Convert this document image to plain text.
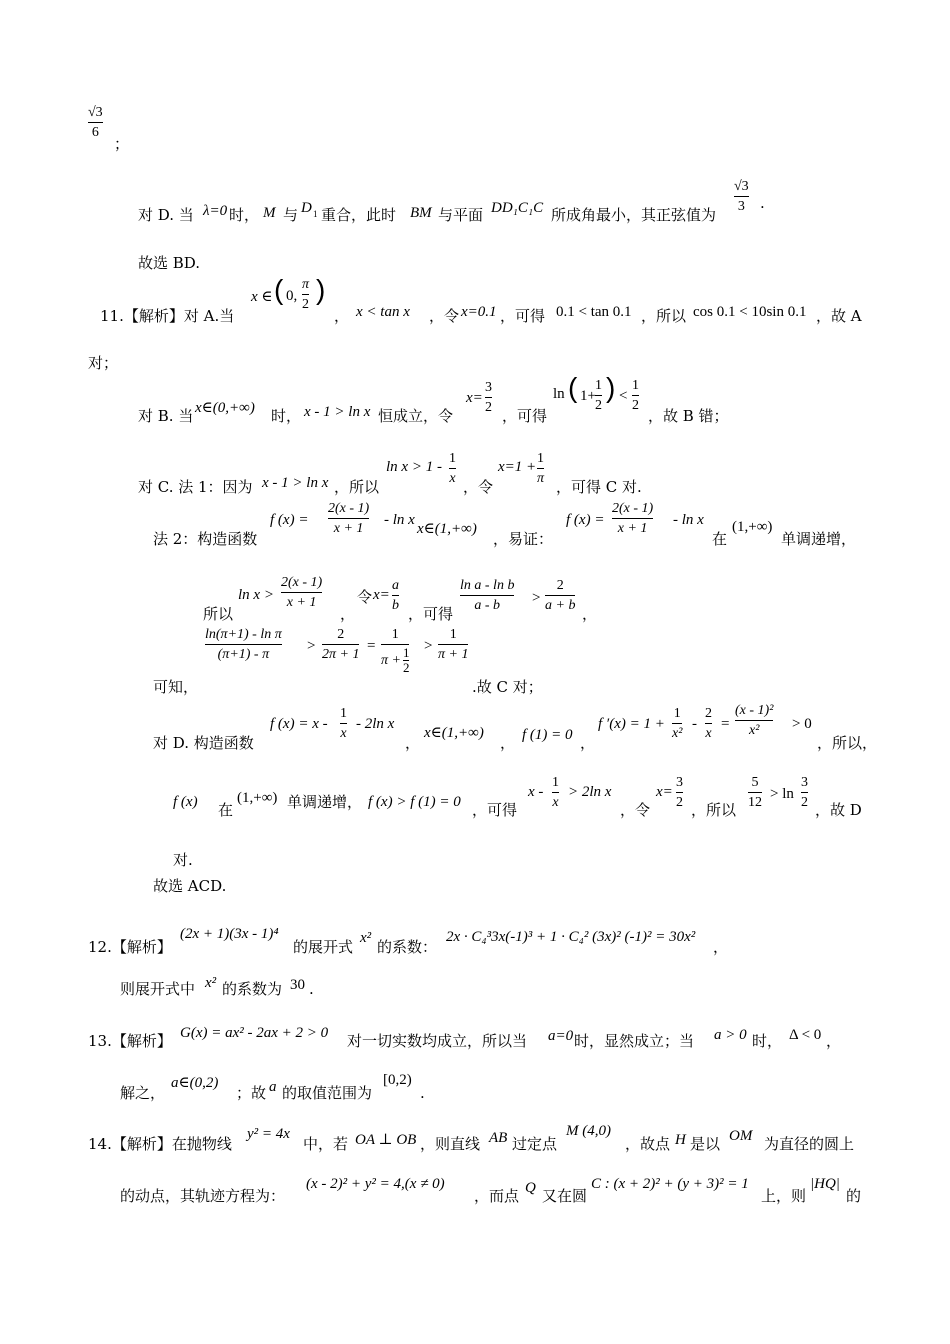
√3
6
；
对 D. 当 λ=0 时， M 与 D 1 重合，此时 BM 与平面 DD₁C₁C 所成角最小，其正弦值为
√3
3 .
故选 BD.
11.【解析】对 A.当
x ∈ ( 0,
π
2 )
， x < tan x ，令 x=0.1 ，可得 0.1 < tan 0.1 ，所以 cos 0.1 < 10sin 0.1 ，故 A
对；
对 B. 当 x∈(0,+∞) 时， x - 1 > ln x 恒成立，令
x=
3
2 ，可得
ln ( 1+
1
2
) <
1
2
，故 B 错；
对 C. 法 1：因为 x - 1 > ln x ，所以
ln x > 1 -
1
x ，令
x=1 +
1
π ，可得 C 对.
法 2：构造函数
f (x) =
2(x - 1)
x + 1
- ln x
x∈(1,+∞)
，易证：
f (x) =
2(x - 1)
x + 1
- ln x
在
(1,+∞)
单调递增，
所以
ln x >
2(x - 1)
x + 1
，
令 x=
a
b ，可得
ln a - ln b
a - b >
2
a + b ，
ln(π+1) - ln π
(π+1) - π
>
2
2π + 1
=
1
π +
1
2
>
1
π + 1
可知，	.故 C 对；
对 D. 构造函数
f (x) = x -
1
x
- 2ln x
，
x∈(1,+∞)
， f (1) = 0 ，
f ′(x) = 1 +
1
x²
-
2
x
=
(x - 1)²
x² > 0
，所以，
f (x) 在
(1,+∞) 单调递增， f (x) > f (1) = 0 ，可得
x -
1
x
> 2ln x
，令
x=
3
2 ，所以
5
12
> ln
3
2 ，故 D
对.
故选 ACD.
12.【解析】
(2x + 1)(3x - 1)⁴
的展开式 x² 的系数：
2x · C₄³3x(-1)³ + 1 · C₄² (3x)² (-1)² = 30x²
，
则展开式中 x² 的系数为 30 .
13.【解析】 G(x) = ax² - 2ax + 2 > 0 对一切实数均成立，所以当 a=0 时，显然成立；当 a > 0 时， Δ < 0 ，
解之，
a∈(0,2)
；故 a 的取值范围为
[0,2)
.
14.【解析】在抛物线
y² = 4x
中，若 OA ⊥ OB ，则直线 AB 过定点
M (4,0)
，故点 H 是以 OM 为直径的圆上
的动点，其轨迹方程为：
(x - 2)² + y² = 4,(x ≠ 0)
，而点 Q 又在圆
C : (x + 2)² + (y + 3)² = 1
上，则
|HQ|
的
